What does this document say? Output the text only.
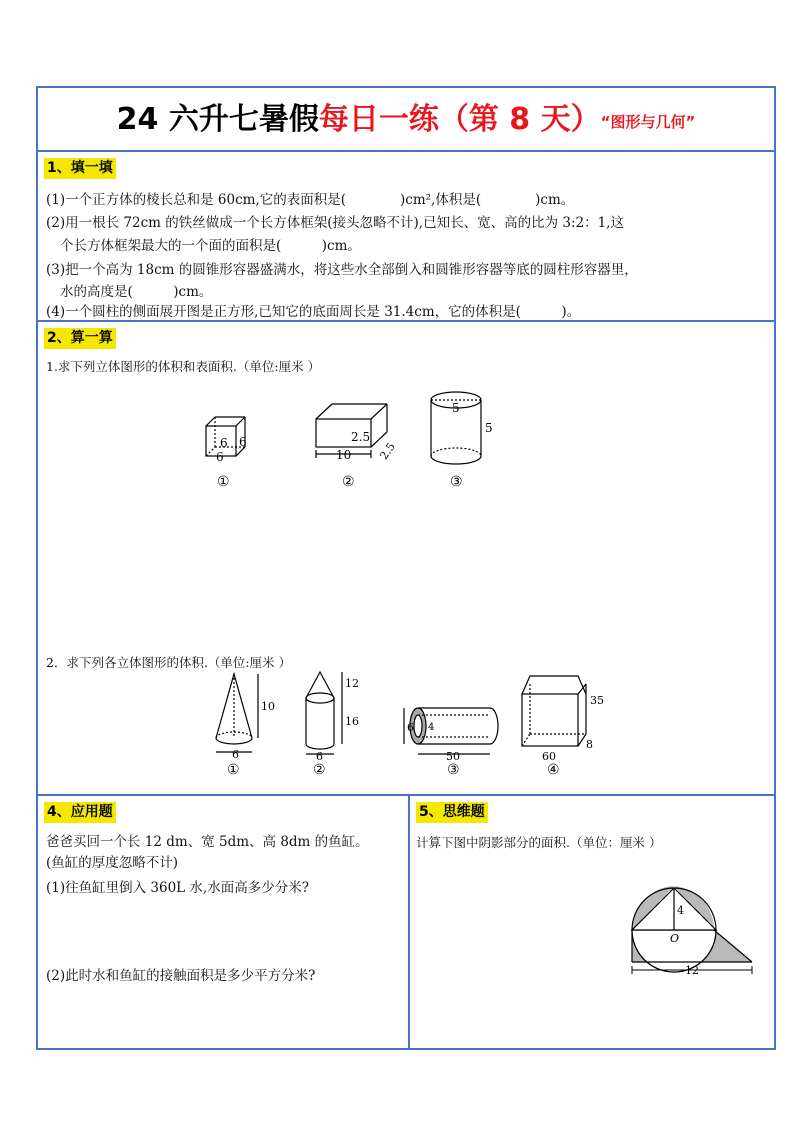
24 六升七暑假每日一练（第 8 天）“图形与几何”
1、填一填
(1)一个正方体的棱长总和是 60cm,它的表面积是(　　　　)cm²,体积是(　　　　)cm。
(2)用一根长 72cm 的铁丝做成一个长方体框架(接头忽略不计),已知长、宽、高的比为 3:2：1,这
个长方体框架最大的一个面的面积是(　　　)cm。
(3)把一个高为 18cm 的圆锥形容器盛满水，将这些水全部倒入和圆锥形容器等底的圆柱形容器里，
水的高度是(　　　)cm。
(4)一个圆柱的侧面展开图是正方形,已知它的底面周长是 31.4cm，它的体积是(　　　)。
2、算一算
1.求下列立体图形的体积和表面积.（单位:厘米 ）
6 6
6
①
2.5
10 2.5
②
5
5
③
2．求下列各立体图形的体积.（单位:厘米 ）
10
6
①
12
16
6
②
6 4
50
③
35
8
60
④
4、应用题
爸爸买回一个长 12 dm、宽 5dm、高 8dm 的鱼缸。
(鱼缸的厚度忽略不计)
(1)往鱼缸里倒入 360L 水,水面高多少分米?
(2)此时水和鱼缸的接触面积是多少平方分米?
5、思维题
计算下图中阴影部分的面积.（单位：厘米 ）
4
O
12
